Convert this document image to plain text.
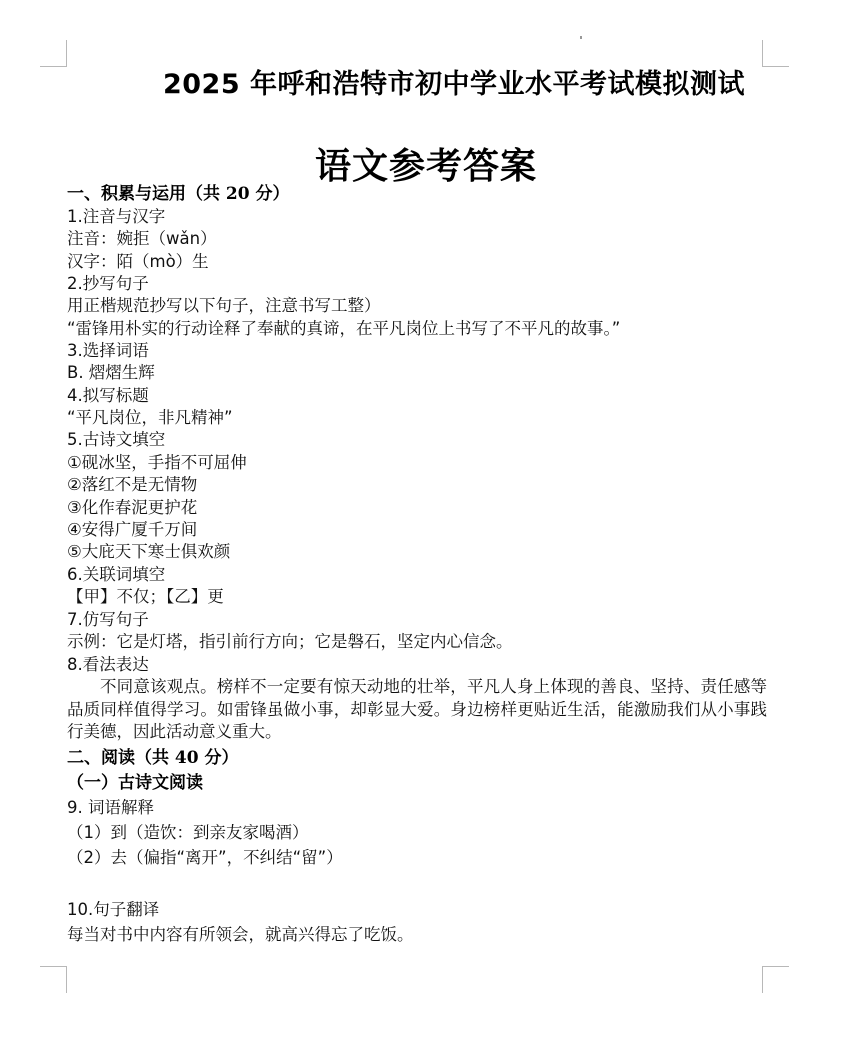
2025 年呼和浩特市初中学业水平考试模拟测试
语文参考答案
一、积累与运用（共 20 分）
1.注音与汉字
注音：婉拒（wǎn）
汉字：陌（mò）生
2.抄写句子
用正楷规范抄写以下句子，注意书写工整）
“雷锋用朴实的行动诠释了奉献的真谛，在平凡岗位上书写了不平凡的故事。”
3.选择词语
B. 熠熠生辉
4.拟写标题
“平凡岗位，非凡精神”
5.古诗文填空
①砚冰坚，手指不可屈伸
②落红不是无情物
③化作春泥更护花
④安得广厦千万间
⑤大庇天下寒士俱欢颜
6.关联词填空
【甲】不仅；【乙】更
7.仿写句子
示例：它是灯塔，指引前行方向；它是磐石，坚定内心信念。
8.看法表达
不同意该观点。榜样不一定要有惊天动地的壮举，平凡人身上体现的善良、坚持、责任感等品质同样值得学习。如雷锋虽做小事，却彰显大爱。身边榜样更贴近生活，能激励我们从小事践行美德，因此活动意义重大。
二、阅读（共 40 分）
（一）古诗文阅读
9. 词语解释
（1）到（造饮：到亲友家喝酒）
（2）去（偏指“离开”，不纠结“留”）
10.句子翻译
每当对书中内容有所领会，就高兴得忘了吃饭。
